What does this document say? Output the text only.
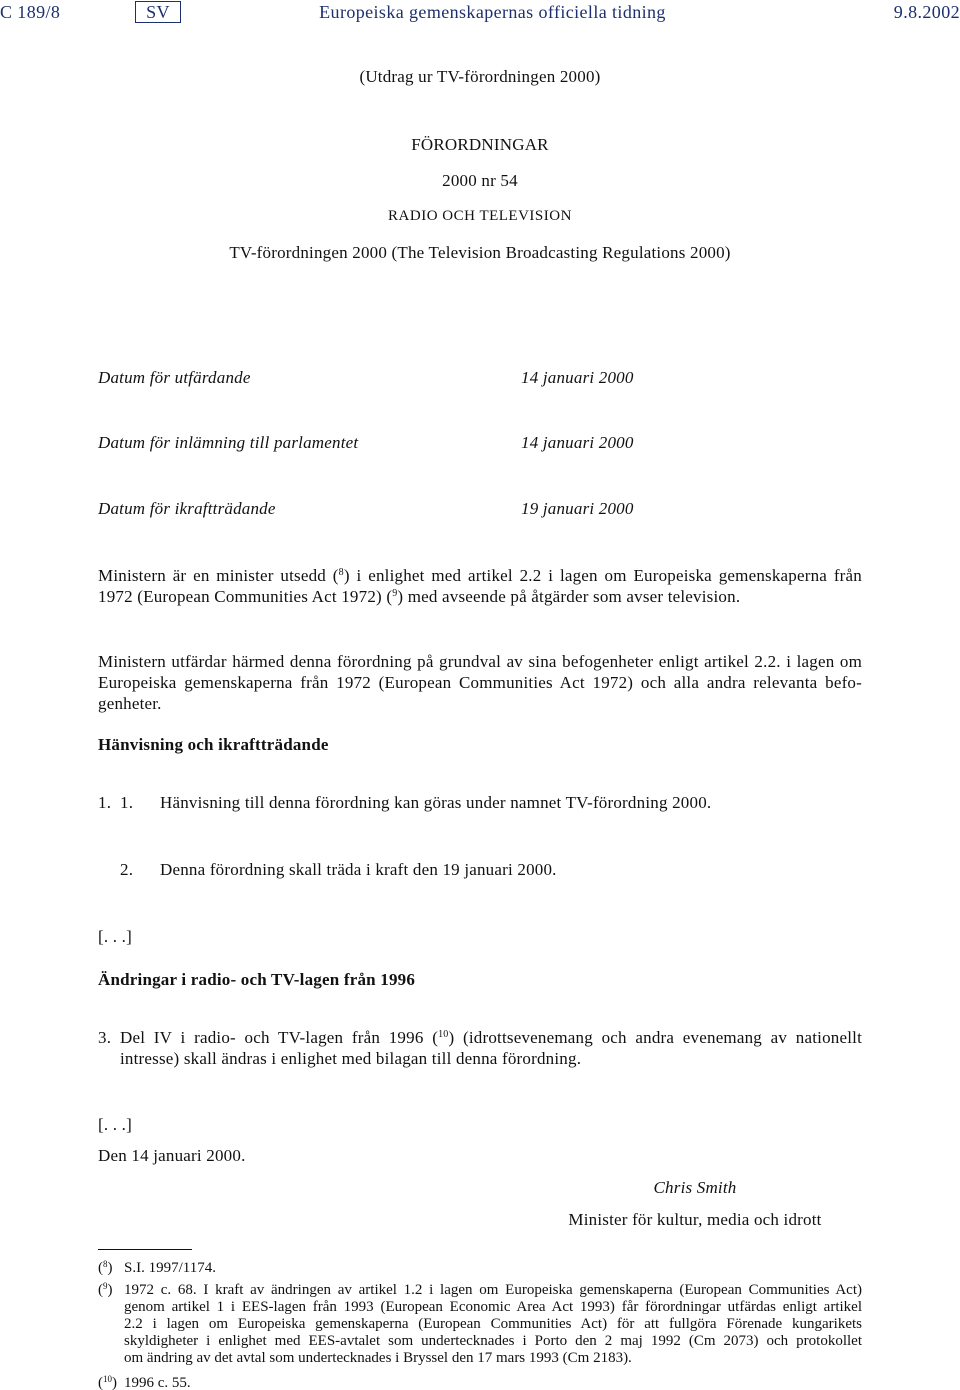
C 189/8	SV	Europeiska gemenskapernas officiella tidning	9.8.2002
(Utdrag ur TV-förordningen 2000)
FÖRORDNINGAR
2000 nr 54
RADIO OCH TELEVISION
TV-förordningen 2000 (The Television Broadcasting Regulations 2000)
Datum för utfärdande	14 januari 2000
Datum för inlämning till parlamentet	14 januari 2000
Datum för ikraftträdande	19 januari 2000
Ministern är en minister utsedd ($^8$) i enlighet med artikel 2.2 i lagen om Europeiska gemenskaperna från
1972 (European Communities Act 1972) ($^9$) med avseende på åtgärder som avser television.
Ministern utfärdar härmed denna förordning på grundval av sina befogenheter enligt artikel 2.2. i lagen om
Europeiska gemenskaperna från 1972 (European Communities Act 1972) och alla andra relevanta befo-
genheter.
Hänvisning och ikraftträdande
1. 1. Hänvisning till denna förordning kan göras under namnet TV-förordning 2000.
2. Denna förordning skall träda i kraft den 19 januari 2000.
[. . .]
Ändringar i radio- och TV-lagen från 1996
3. Del IV i radio- och TV-lagen från 1996 ($^{10}$) (idrottsevenemang och andra evenemang av nationellt
intresse) skall ändras i enlighet med bilagan till denna förordning.
[. . .]
Den 14 januari 2000.
Chris Smith
Minister för kultur, media och idrott
($^8$) S.I. 1997/1174.
($^9$) 1972 c. 68. I kraft av ändringen av artikel 1.2 i lagen om Europeiska gemenskaperna (European Communities Act)
genom artikel 1 i EES-lagen från 1993 (European Economic Area Act 1993) får förordningar utfärdas enligt artikel
2.2 i lagen om Europeiska gemenskaperna (European Communities Act) för att fullgöra Förenade kungarikets
skyldigheter i enlighet med EES-avtalet som undertecknades i Porto den 2 maj 1992 (Cm 2073) och protokollet
om ändring av det avtal som undertecknades i Bryssel den 17 mars 1993 (Cm 2183).
($^{10}$) 1996 c. 55.
